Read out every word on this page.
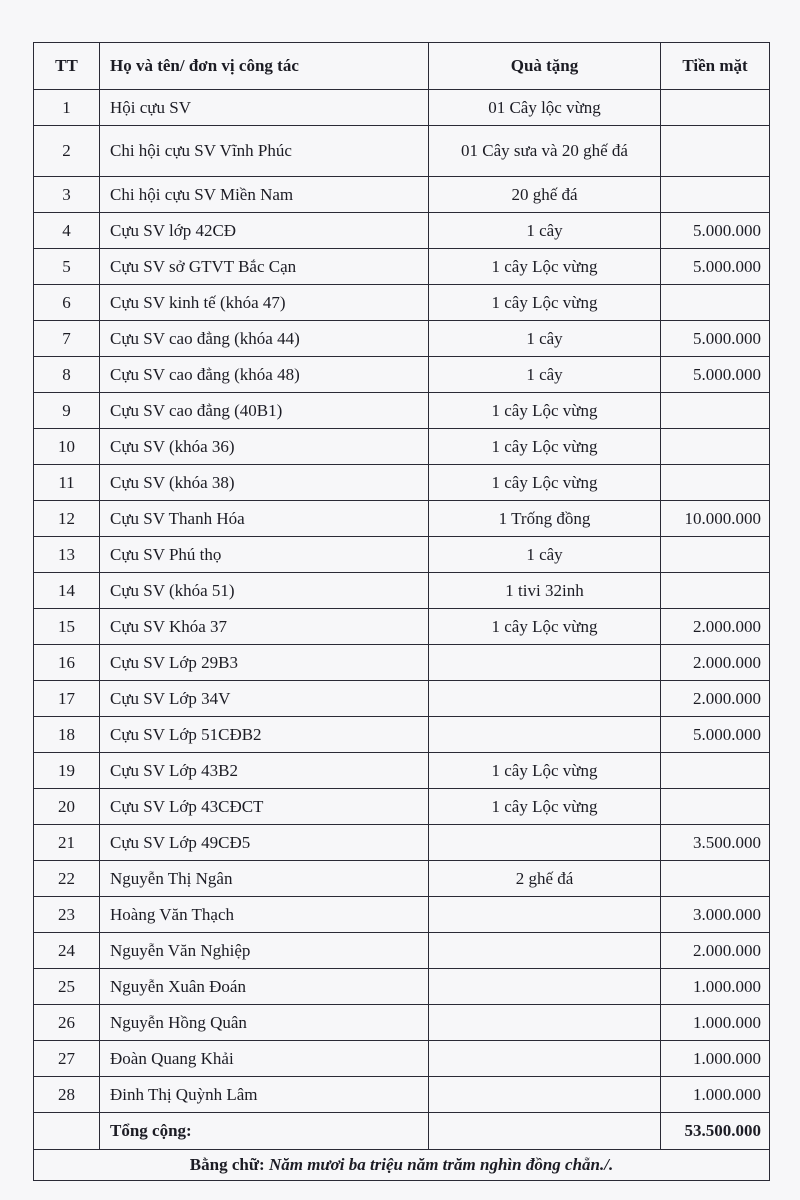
TT	Họ và tên/ đơn vị công tác	Quà tặng	Tiền mặt
1	Hội cựu SV	01 Cây lộc vừng	
2	Chi hội cựu SV Vĩnh Phúc	01 Cây sưa và 20 ghế đá	
3	Chi hội cựu SV Miền Nam	20 ghế đá	
4	Cựu SV lớp 42CĐ	1 cây	5.000.000
5	Cựu SV sở GTVT Bắc Cạn	1 cây Lộc vừng	5.000.000
6	Cựu SV kinh tế (khóa 47)	1 cây Lộc vừng	
7	Cựu SV cao đẳng (khóa 44)	1 cây	5.000.000
8	Cựu SV cao đẳng (khóa 48)	1 cây	5.000.000
9	Cựu SV cao đẳng (40B1)	1 cây Lộc vừng	
10	Cựu SV (khóa 36)	1 cây Lộc vừng	
11	Cựu SV (khóa 38)	1 cây Lộc vừng	
12	Cựu SV Thanh Hóa	1 Trống đồng	10.000.000
13	Cựu SV Phú thọ	1 cây	
14	Cựu SV (khóa 51)	1 tivi 32inh	
15	Cựu SV Khóa 37	1 cây Lộc vừng	2.000.000
16	Cựu SV Lớp 29B3		2.000.000
17	Cựu SV Lớp 34V		2.000.000
18	Cựu SV Lớp 51CĐB2		5.000.000
19	Cựu SV Lớp 43B2	1 cây Lộc vừng	
20	Cựu SV Lớp 43CĐCT	1 cây Lộc vừng	
21	Cựu SV Lớp 49CĐ5		3.500.000
22	Nguyễn Thị Ngân	2 ghế đá	
23	Hoàng Văn Thạch		3.000.000
24	Nguyễn Văn Nghiệp		2.000.000
25	Nguyễn Xuân Đoán		1.000.000
26	Nguyễn Hồng Quân		1.000.000
27	Đoàn Quang Khải		1.000.000
28	Đinh Thị Quỳnh Lâm		1.000.000
	Tổng cộng:		53.500.000
Bằng chữ: Năm mươi ba triệu năm trăm nghìn đồng chẵn./.			
